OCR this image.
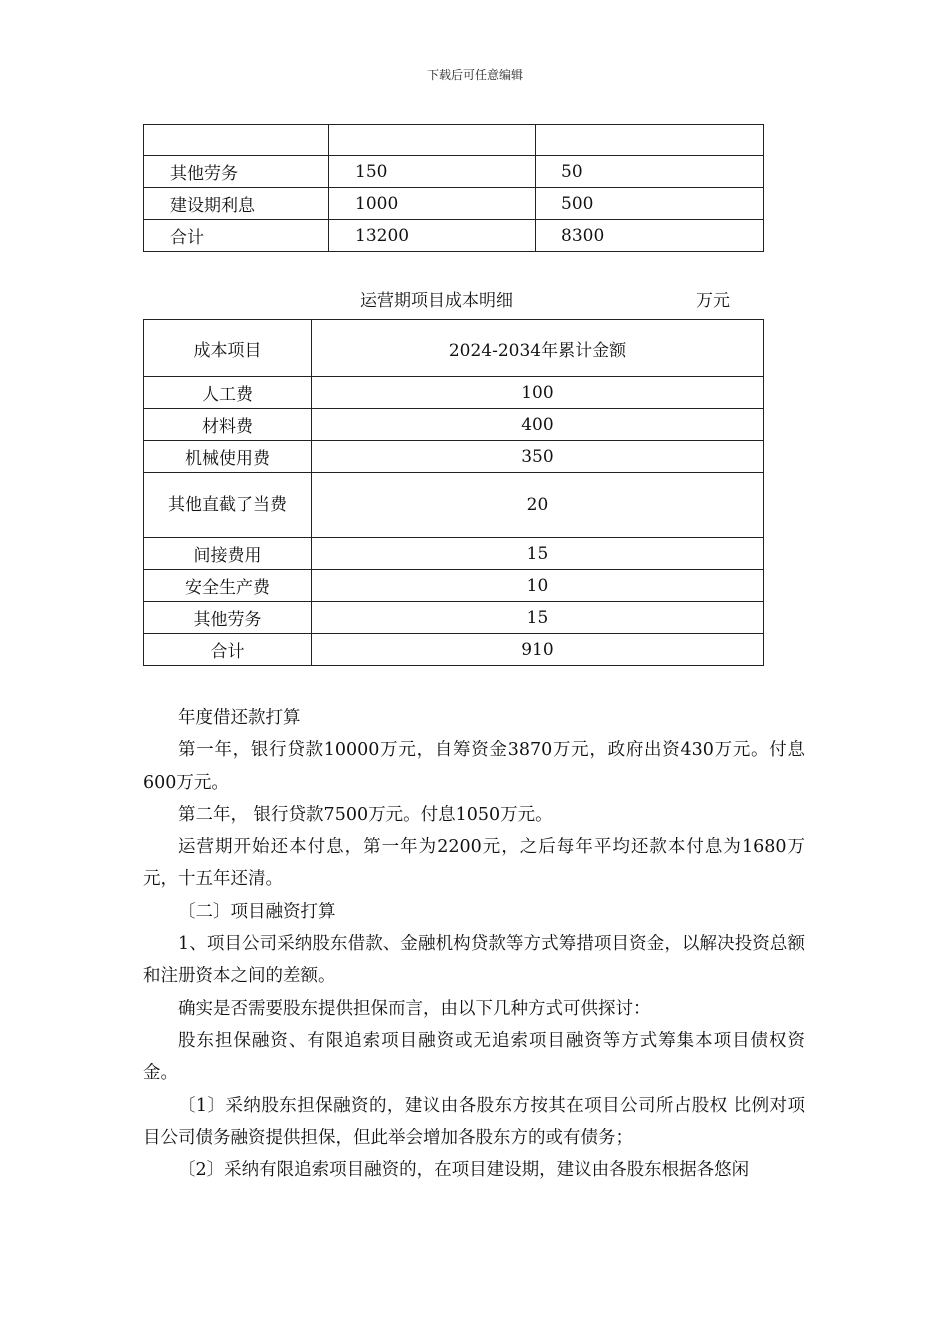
下载后可任意编辑

其他劳务	150	50
建设期利息	1000	500
合计	13200	8300
运营期项目成本明细	万元
成本项目	2024-2034年累计金额
人工费	100
材料费	400
机械使用费	350

其他直截了当费	20
间接费用	15
安全生产费	10
其他劳务	15
合计	910

年度借还款打算

第一年，银行贷款10000万元，自筹资金3870万元，政府出资430万元。付息600万元。

第二年， 银行贷款7500万元。付息1050万元。

运营期开始还本付息，第一年为2200元，之后每年平均还款本付息为1680万元，十五年还清。

〔二〕项目融资打算

1、项目公司采纳股东借款、金融机构贷款等方式筹措项目资金，以解决投资总额和注册资本之间的差额。

确实是否需要股东提供担保而言，由以下几种方式可供探讨：

股东担保融资、有限追索项目融资或无追索项目融资等方式筹集本项目债权资金。

〔1〕采纳股东担保融资的，建议由各股东方按其在项目公司所占股权 比例对项目公司债务融资提供担保，但此举会增加各股东方的或有债务；

〔2〕采纳有限追索项目融资的，在项目建设期，建议由各股东根据各悠闲
